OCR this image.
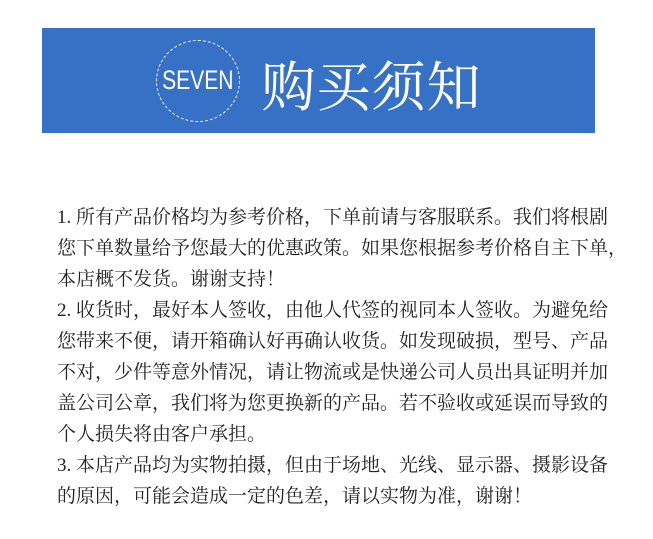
SEVEN 购买须知

1. 所有产品价格均为参考价格，下单前请与客服联系。我们将根剧

您下单数量给予您最大的优惠政策。如果您根据参考价格自主下单，

本店概不发货。谢谢支持！

2. 收货时，最好本人签收，由他人代签的视同本人签收。为避免给

您带来不便，请开箱确认好再确认收货。如发现破损，型号、产品

不对，少件等意外情况，请让物流或是快递公司人员出具证明并加

盖公司公章，我们将为您更换新的产品。若不验收或延误而导致的

个人损失将由客户承担。

3. 本店产品均为实物拍摄，但由于场地、光线、显示器、摄影设备

的原因，可能会造成一定的色差，请以实物为准，谢谢！
